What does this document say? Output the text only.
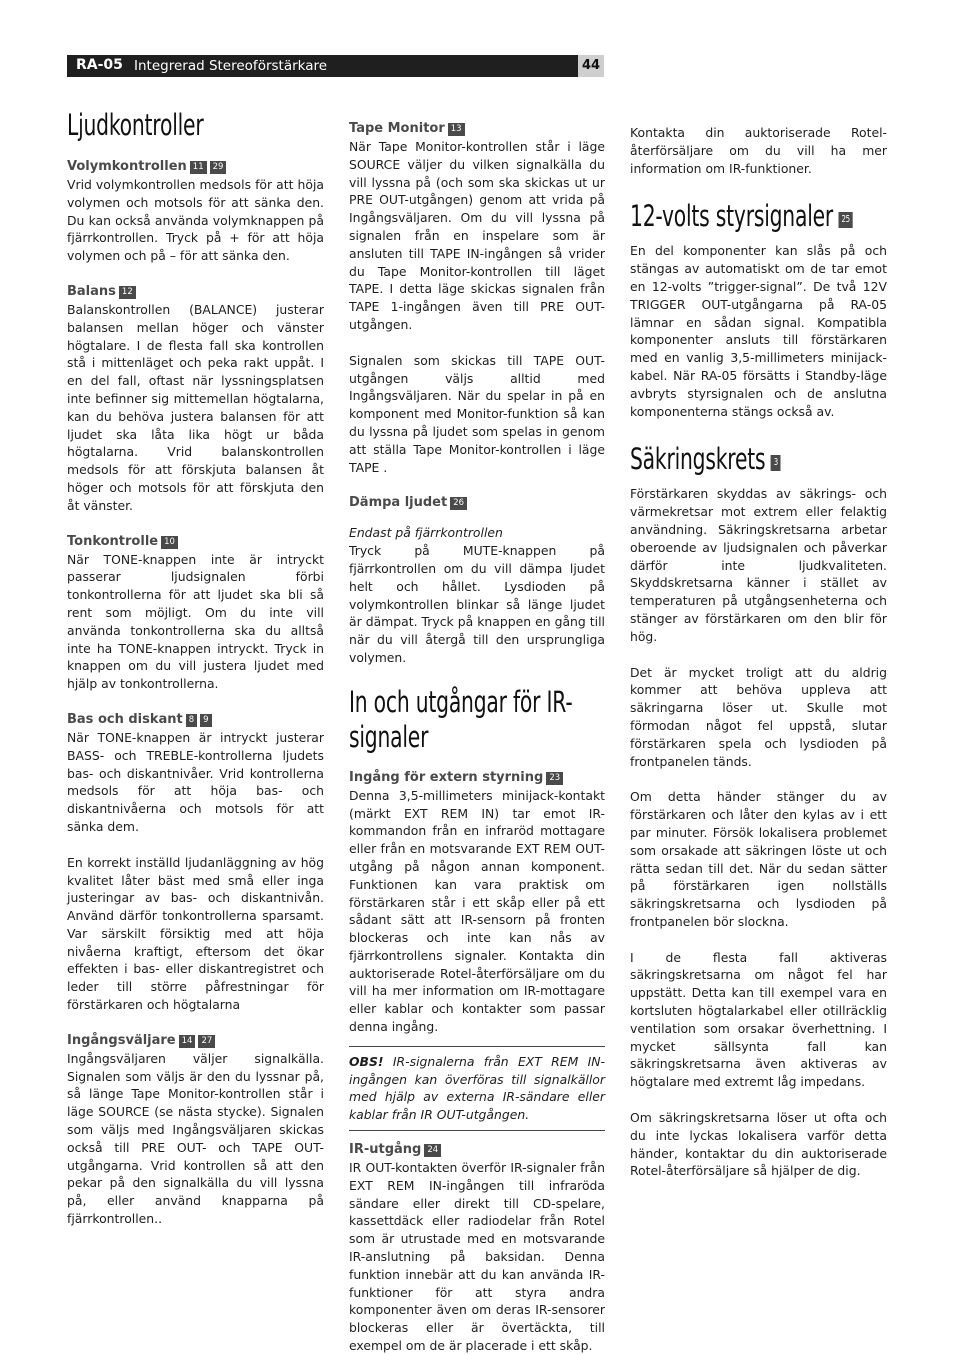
RA-05 Integrerad Stereoförstärkare	44
Ljudkontroller
Volymkontrollen 11 29

Vrid volymkontrollen medsols för att höja volymen och motsols för att sänka den. Du kan också använda volymknappen på fjärrkontrollen. Tryck på + för att höja volymen och på – för att sänka den.

Balans 12

Balanskontrollen (BALANCE) justerar balansen mellan höger och vänster högtalare. I de flesta fall ska kontrollen stå i mittenläget och peka rakt uppåt. I en del fall, oftast när lyssningsplatsen inte befinner sig mittemellan högtalarna, kan du behöva justera balansen för att ljudet ska låta lika högt ur båda högtalarna. Vrid balanskontrollen medsols för att förskjuta balansen åt höger och motsols för att förskjuta den åt vänster.

Tonkontrolle 10

När TONE-knappen inte är intryckt passerar ljudsignalen förbi tonkontrollerna för att ljudet ska bli så rent som möjligt. Om du inte vill använda tonkontrollerna ska du alltså inte ha TONE-knappen intryckt. Tryck in knappen om du vill justera ljudet med hjälp av tonkontrollerna.

Bas och diskant 8 9

När TONE-knappen är intryckt justerar BASS- och TREBLE-kontrollerna ljudets bas- och diskantnivåer. Vrid kontrollerna medsols för att höja bas- och diskantnivåerna och motsols för att sänka dem.

En korrekt inställd ljudanläggning av hög kvalitet låter bäst med små eller inga justeringar av bas- och diskantnivån. Använd därför tonkontrollerna sparsamt. Var särskilt försiktig med att höja nivåerna kraftigt, eftersom det ökar effekten i bas- eller diskantregistret och leder till större påfrestningar för förstärkaren och högtalarna

Ingångsväljare 14 27

Ingångsväljaren väljer signalkälla. Signalen som väljs är den du lyssnar på, så länge Tape Monitor-kontrollen står i läge SOURCE (se nästa stycke). Signalen som väljs med Ingångsväljaren skickas också till PRE OUT- och TAPE OUT-utgångarna. Vrid kontrollen så att den pekar på den signalkälla du vill lyssna på, eller använd knapparna på fjärrkontrollen..

Tape Monitor 13

När Tape Monitor-kontrollen står i läge SOURCE väljer du vilken signalkälla du vill lyssna på (och som ska skickas ut ur PRE OUT-utgången) genom att vrida på Ingångsväljaren. Om du vill lyssna på signalen från en inspelare som är ansluten till TAPE IN-ingången så vrider du Tape Monitor-kontrollen till läget TAPE. I detta läge skickas signalen från TAPE 1-ingången även till PRE OUT-utgången.

Signalen som skickas till TAPE OUT-utgången väljs alltid med Ingångsväljaren. När du spelar in på en komponent med Monitor-funktion så kan du lyssna på ljudet som spelas in genom att ställa Tape Monitor-kontrollen i läge TAPE .

Dämpa ljudet 26

Endast på fjärrkontrollen

Tryck på MUTE-knappen på fjärrkontrollen om du vill dämpa ljudet helt och hållet. Lysdioden på volymkontrollen blinkar så länge ljudet är dämpat. Tryck på knappen en gång till när du vill återgå till den ursprungliga volymen.

In och utgångar för IR-signaler
Ingång för extern styrning 23

Denna 3,5-millimeters minijack-kontakt (märkt EXT REM IN) tar emot IR-kommandon från en infraröd mottagare eller från en motsvarande EXT REM OUT-utgång på någon annan komponent. Funktionen kan vara praktisk om förstärkaren står i ett skåp eller på ett sådant sätt att IR-sensorn på fronten blockeras och inte kan nås av fjärrkontrollens signaler. Kontakta din auktoriserade Rotel-återförsäljare om du vill ha mer information om IR-mottagare eller kablar och kontakter som passar denna ingång.

OBS! IR-signalerna från EXT REM IN-ingången kan överföras till signalkällor med hjälp av externa IR-sändare eller kablar från IR OUT-utgången.

IR-utgång 24

IR OUT-kontakten överför IR-signaler från EXT REM IN-ingången till infraröda sändare eller direkt till CD-spelare, kassettdäck eller radiodelar från Rotel som är utrustade med en motsvarande IR-anslutning på baksidan. Denna funktion innebär att du kan använda IR-funktioner för att styra andra komponenter även om deras IR-sensorer blockeras eller är övertäckta, till exempel om de är placerade i ett skåp.

Kontakta din auktoriserade Rotel-återförsäljare om du vill ha mer information om IR-funktioner.

12-volts styrsignaler 25

En del komponenter kan slås på och stängas av automatiskt om de tar emot en 12-volts ”trigger-signal”. De två 12V TRIGGER OUT-utgångarna på RA-05 lämnar en sådan signal. Kompatibla komponenter ansluts till förstärkaren med en vanlig 3,5-millimeters minijack-kabel. När RA-05 försätts i Standby-läge avbryts styrsignalen och de anslutna komponenterna stängs också av.

Säkringskrets 3

Förstärkaren skyddas av säkrings- och värmekretsar mot extrem eller felaktig användning. Säkringskretsarna arbetar oberoende av ljudsignalen och påverkar därför inte ljudkvaliteten. Skyddskretsarna känner i stället av temperaturen på utgångsenheterna och stänger av förstärkaren om den blir för hög.

Det är mycket troligt att du aldrig kommer att behöva uppleva att säkringarna löser ut. Skulle mot förmodan något fel uppstå, slutar förstärkaren spela och lysdioden på frontpanelen tänds.

Om detta händer stänger du av förstärkaren och låter den kylas av i ett par minuter. Försök lokalisera problemet som orsakade att säkringen löste ut och rätta sedan till det. När du sedan sätter på förstärkaren igen nollställs säkringskretsarna och lysdioden på frontpanelen bör slockna.

I de flesta fall aktiveras säkringskretsarna om något fel har uppstätt. Detta kan till exempel vara en kortsluten högtalarkabel eller otillräcklig ventilation som orsakar överhettning. I mycket sällsynta fall kan säkringskretsarna även aktiveras av högtalare med extremt låg impedans.

Om säkringskretsarna löser ut ofta och du inte lyckas lokalisera varför detta händer, kontaktar du din auktoriserade Rotel-återförsäljare så hjälper de dig.
